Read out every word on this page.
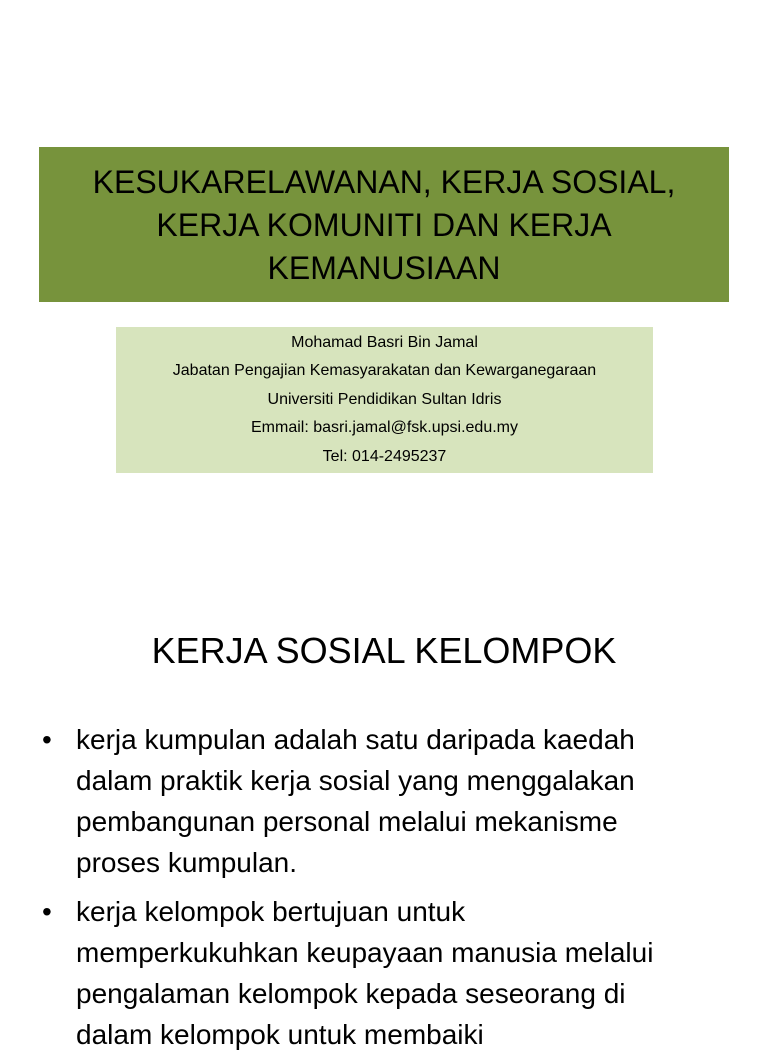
KESUKARELAWANAN, KERJA SOSIAL,
KERJA KOMUNITI DAN KERJA
KEMANUSIAAN
Mohamad Basri Bin Jamal
Jabatan Pengajian Kemasyarakatan dan Kewarganegaraan
Universiti Pendidikan Sultan Idris
Emmail: basri.jamal@fsk.upsi.edu.my
Tel: 014-2495237
KERJA SOSIAL KELOMPOK
• kerja kumpulan adalah satu daripada kaedah
dalam praktik kerja sosial yang menggalakan
pembangunan personal melalui mekanisme
proses kumpulan.
• kerja kelompok bertujuan untuk
memperkukuhkan keupayaan manusia melalui
pengalaman kelompok kepada seseorang di
dalam kelompok untuk membaiki
